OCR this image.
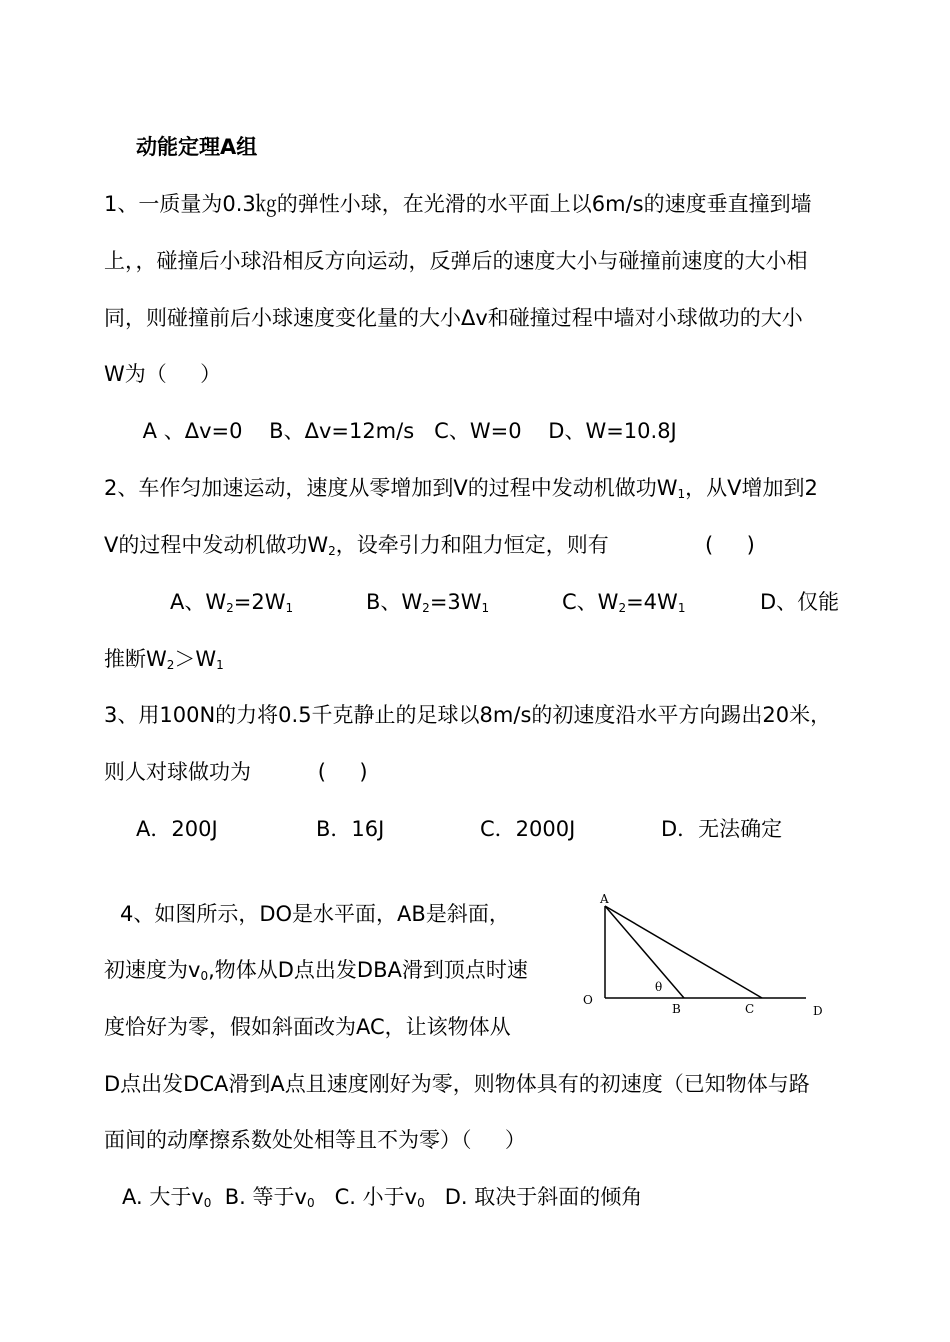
动能定理A组
1、一质量为0.3㎏的弹性小球，在光滑的水平面上以6m/s的速度垂直撞到墙
上，，碰撞后小球沿相反方向运动，反弹后的速度大小与碰撞前速度的大小相
同，则碰撞前后小球速度变化量的大小Δv和碰撞过程中墙对小球做功的大小
W为（     ）
A 、Δv=0    B、Δv=12m/s   C、W=0    D、W=10.8J
2、车作匀加速运动，速度从零增加到V的过程中发动机做功$W_1$，从V增加到2
V的过程中发动机做功$W_2$，设牵引力和阻力恒定，则有	(     )
A、$W_2=2W_1$	B、$W_2=3W_1$	C、$W_2=4W_1$	D、仅能
推断$W_2>W_1$
3、用100N的力将0.5千克静止的足球以8m/s的初速度沿水平方向踢出20米，
则人对球做功为          (     )
A．200J	B．16J	C．2000J	D．无法确定
4、如图所示，DO是水平面，AB是斜面，
初速度为$v_0$,物体从D点出发DBA滑到顶点时速
度恰好为零，假如斜面改为AC，让该物体从
D点出发DCA滑到A点且速度刚好为零，则物体具有的初速度（已知物体与路
面间的动摩擦系数处处相等且不为零）（     ）
A. 大于$v_0$  B. 等于$v_0$   C. 小于$v_0$   D. 取决于斜面的倾角
A
O
B	C	D
θ
